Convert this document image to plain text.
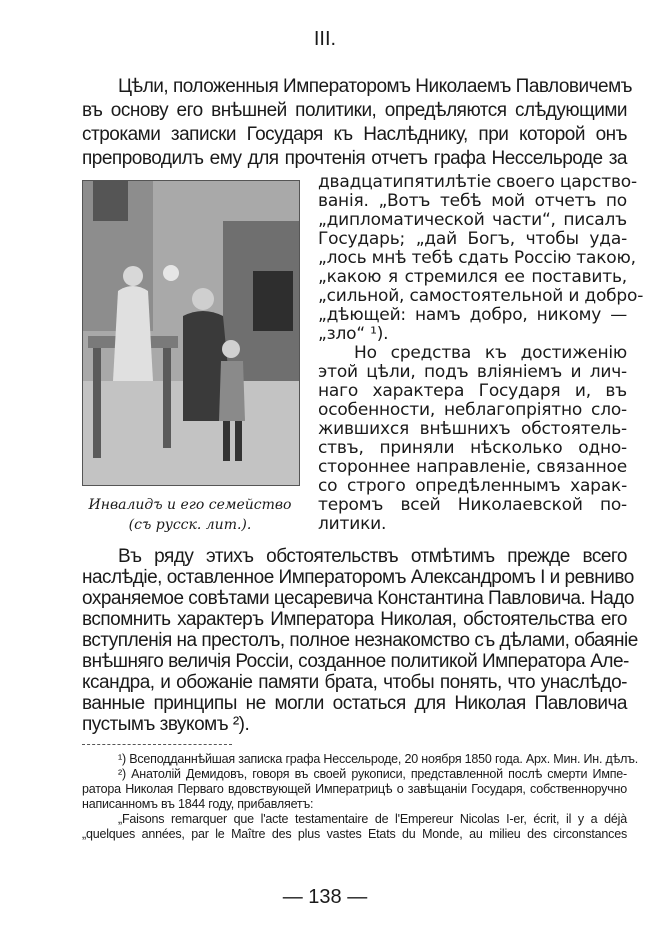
III.
Цѣли, положенныя Императоромъ Николаемъ Павловичемъ
въ основу его внѣшней политики, опредѣляются слѣдующими
строками записки Государя къ Наслѣднику, при которой онъ
препроводилъ ему для прочтенія отчетъ графа Нессельроде за
двадцатипятилѣтіе своего царство-
ванія. „Вотъ тебѣ мой отчетъ по
„дипломатической части“, писалъ
Государь; „дай Богъ, чтобы уда-
„лось мнѣ тебѣ сдать Россію такою,
„какою я стремился ее поставить,
„сильной, самостоятельной и добро-
„дѣющей: намъ добро, никому —
„зло“ ¹).
Но средства къ достиженію
этой цѣли, подъ вліяніемъ и лич-
наго характера Государя и, въ
особенности, неблагопріятно сло-
жившихся внѣшнихъ обстоятель-
ствъ, приняли нѣсколько одно-
стороннее направленіе, связанное
со строго опредѣленнымъ харак-
теромъ всей Николаевской по-
литики.
Инвалидъ и его семейство
(съ русск. лит.).
Въ ряду этихъ обстоятельствъ отмѣтимъ прежде всего
наслѣдіе, оставленное Императоромъ Александромъ I и ревниво
охраняемое совѣтами цесаревича Константина Павловича. Надо
вспомнить характеръ Императора Николая, обстоятельства его
вступленія на престолъ, полное незнакомство съ дѣлами, обаяніе
внѣшняго величія Россіи, созданное политикой Императора Але-
ксандра, и обожаніе памяти брата, чтобы понять, что унаслѣдо-
ванные принципы не могли остаться для Николая Павловича
пустымъ звукомъ ²).
¹) Всеподданнѣйшая записка графа Нессельроде, 20 ноября 1850 года. Арх. Мин. Ин. дѣлъ.
²) Анатолій Демидовъ, говоря въ своей рукописи, представленной послѣ смерти Импе-
ратора Николая Перваго вдовствующей Императрицѣ о завѣщаніи Государя, собственноручно
написанномъ въ 1844 году, прибавляетъ:
„Faisons remarquer que l'acte testamentaire de l'Empereur Nicolas I-er, écrit, il y a déjà
„quelques années, par le Maître des plus vastes Etats du Monde, au milieu des circonstances
— 138 —
